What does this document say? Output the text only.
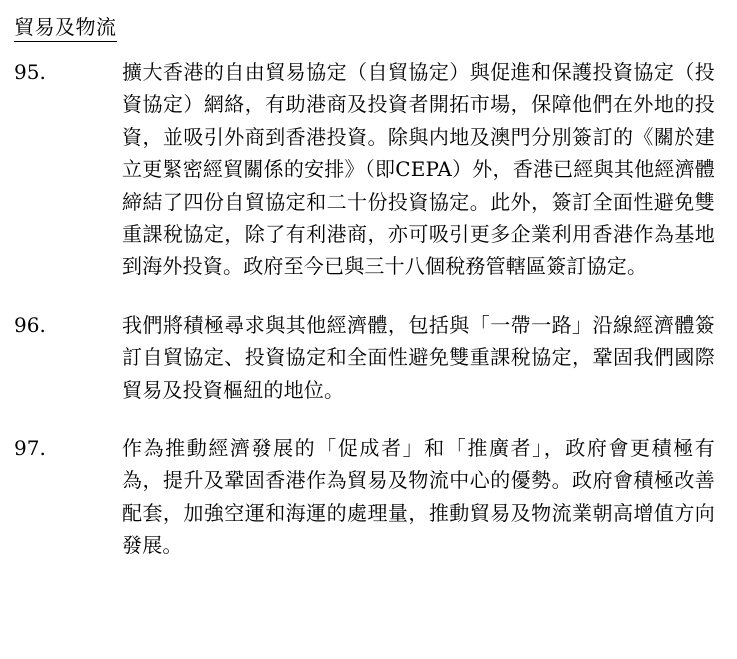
貿易及物流
95.	擴大香港的自由貿易協定（自貿協定）與促進和保護投資協定（投資協定）網絡，有助港商及投資者開拓市場，保障他們在外地的投資，並吸引外商到香港投資。除與内地及澳門分別簽訂的《關於建立更緊密經貿關係的安排》（即CEPA）外，香港已經與其他經濟體締結了四份自貿協定和二十份投資協定。此外，簽訂全面性避免雙重課稅協定，除了有利港商，亦可吸引更多企業利用香港作為基地到海外投資。政府至今已與三十八個稅務管轄區簽訂協定。
96.	我們將積極尋求與其他經濟體，包括與「一帶一路」沿線經濟體簽訂自貿協定、投資協定和全面性避免雙重課稅協定，鞏固我們國際貿易及投資樞紐的地位。
97.	作為推動經濟發展的「促成者」和「推廣者」，政府會更積極有為，提升及鞏固香港作為貿易及物流中心的優勢。政府會積極改善配套，加強空運和海運的處理量，推動貿易及物流業朝高增值方向發展。
